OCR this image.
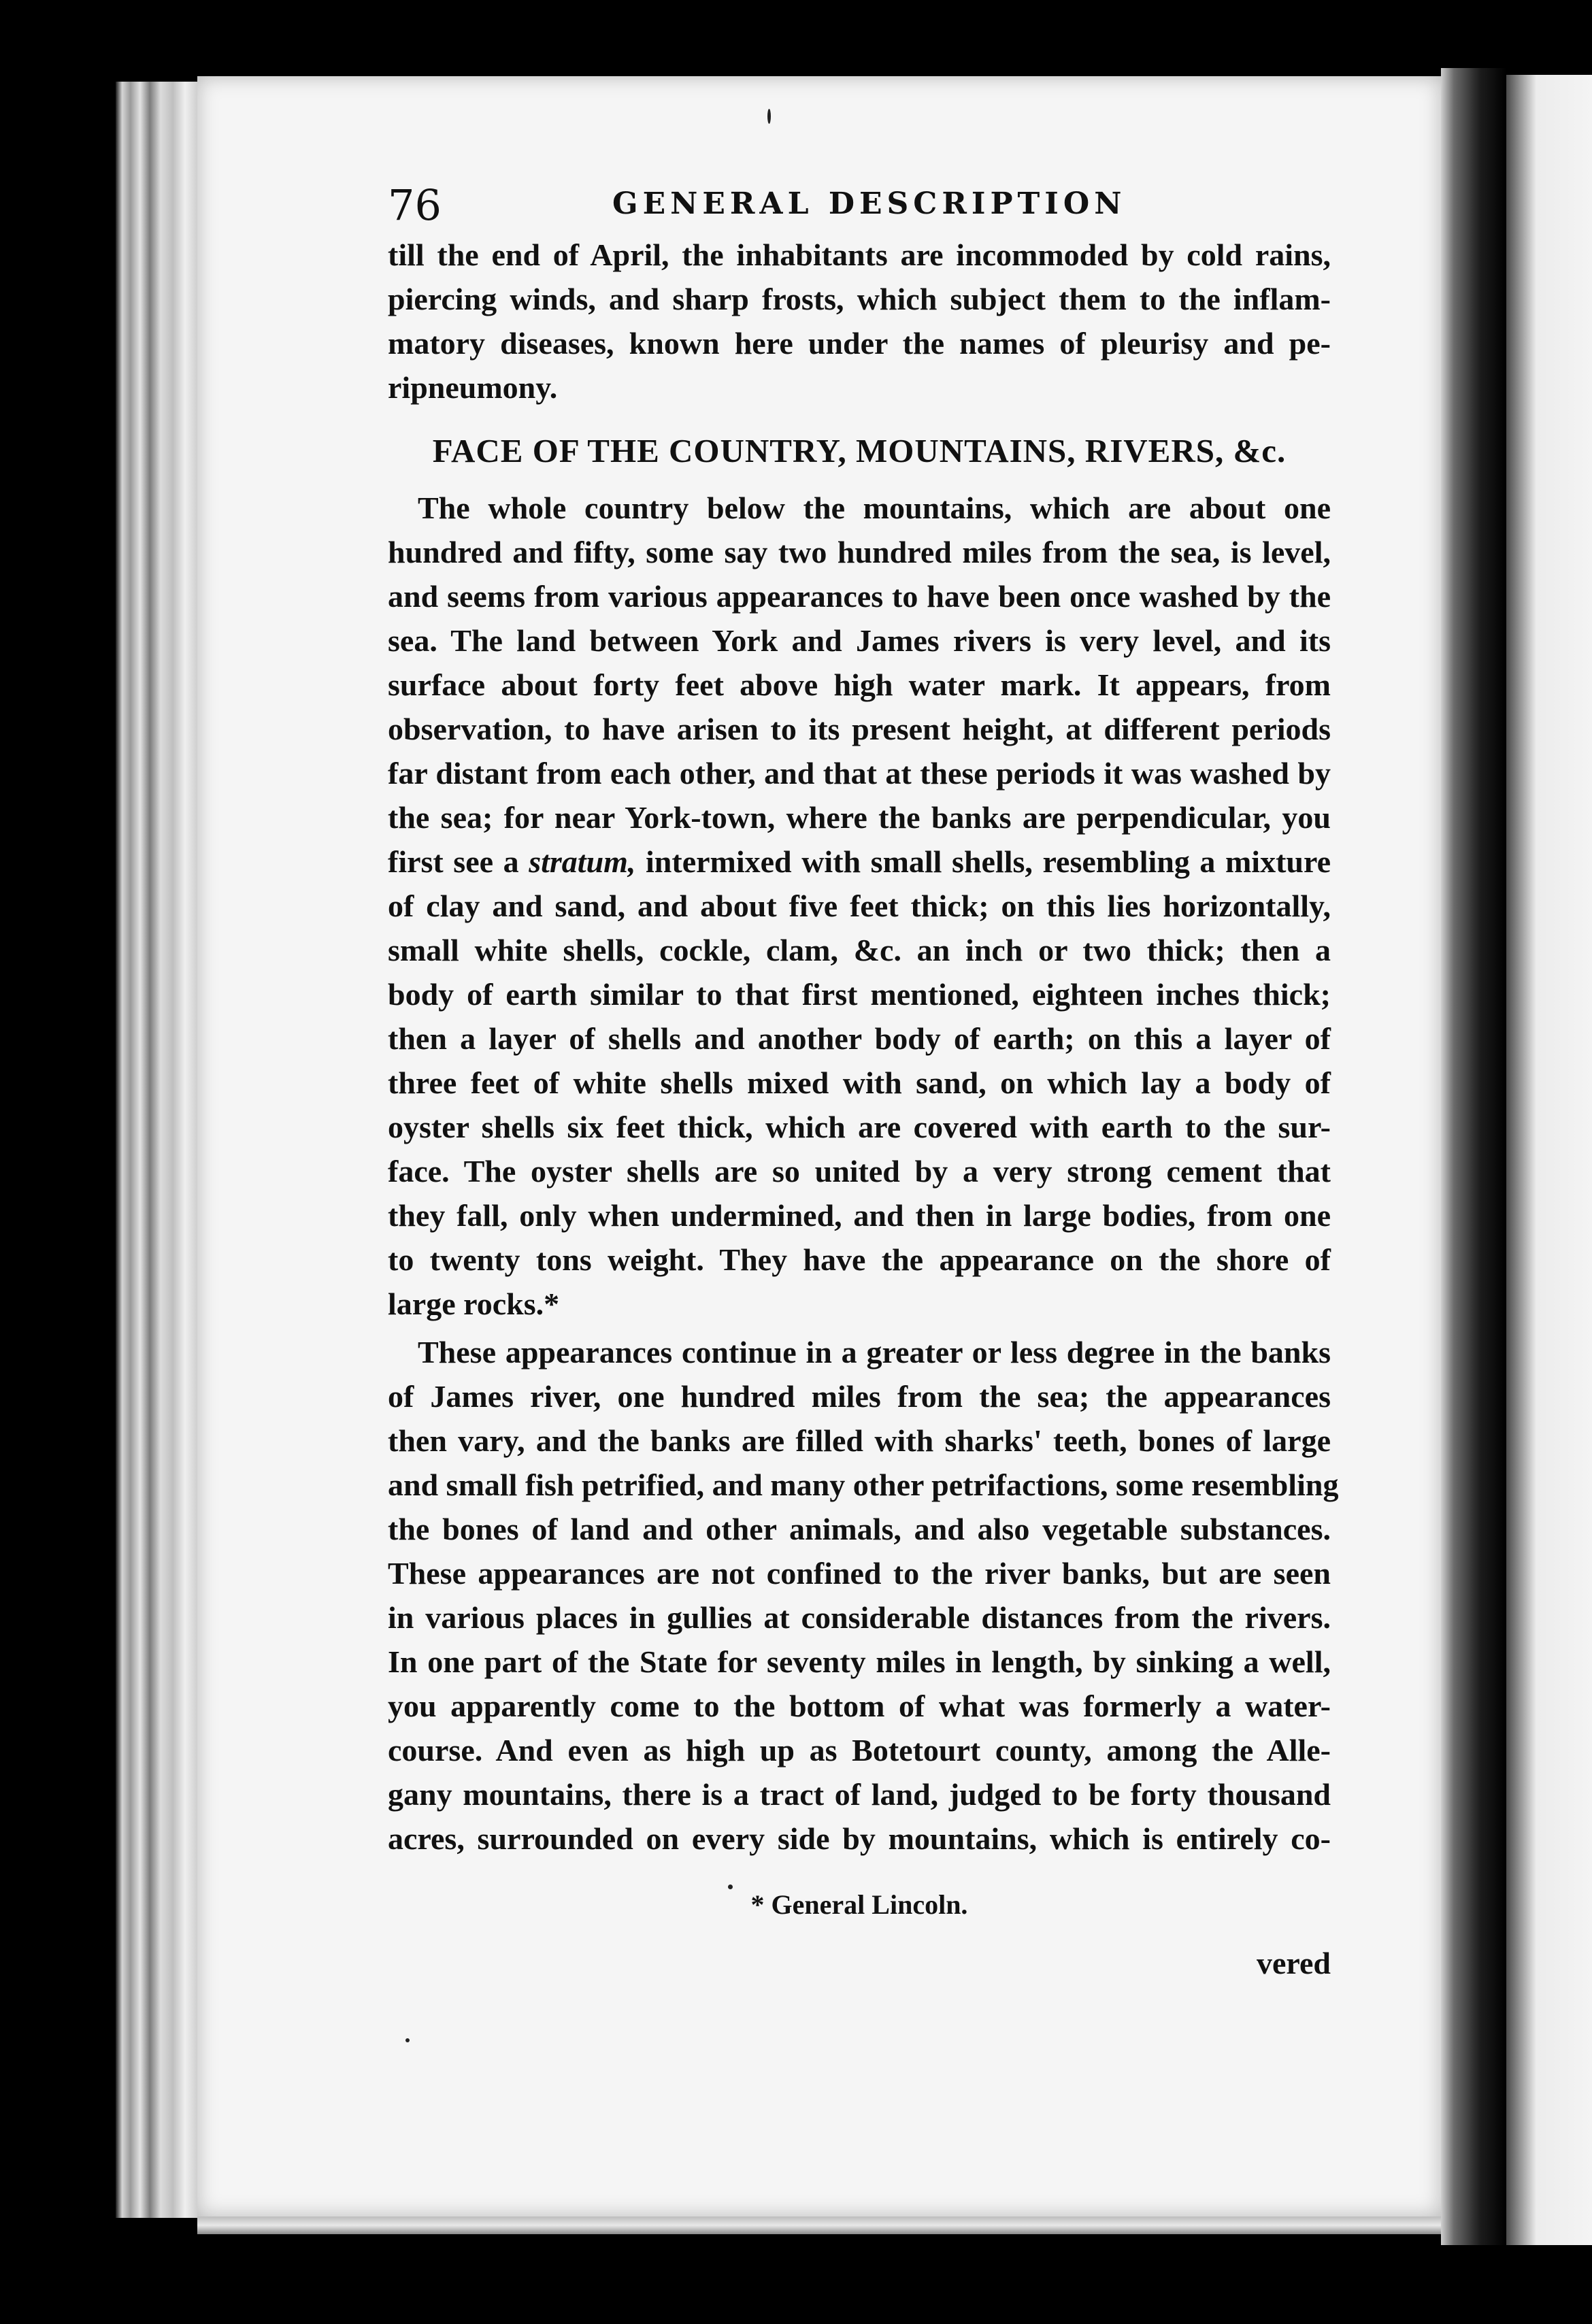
76	GENERAL DESCRIPTION
till the end of April, the inhabitants are incommoded by cold rains,
piercing winds, and sharp frosts, which subject them to the inflam-
matory diseases, known here under the names of pleurisy and pe-
ripneumony.
FACE OF THE COUNTRY, MOUNTAINS, RIVERS, &c.
The whole country below the mountains, which are about one
hundred and fifty, some say two hundred miles from the sea, is level,
and seems from various appearances to have been once washed by the
sea. The land between York and James rivers is very level, and its
surface about forty feet above high water mark. It appears, from
observation, to have arisen to its present height, at different periods
far distant from each other, and that at these periods it was washed by
the sea; for near York-town, where the banks are perpendicular, you
first see a stratum, intermixed with small shells, resembling a mixture
of clay and sand, and about five feet thick; on this lies horizontally,
small white shells, cockle, clam, &c. an inch or two thick; then a
body of earth similar to that first mentioned, eighteen inches thick;
then a layer of shells and another body of earth; on this a layer of
three feet of white shells mixed with sand, on which lay a body of
oyster shells six feet thick, which are covered with earth to the sur-
face. The oyster shells are so united by a very strong cement that
they fall, only when undermined, and then in large bodies, from one
to twenty tons weight. They have the appearance on the shore of
large rocks.*
These appearances continue in a greater or less degree in the banks
of James river, one hundred miles from the sea; the appearances
then vary, and the banks are filled with sharks' teeth, bones of large
and small fish petrified, and many other petrifactions, some resembling
the bones of land and other animals, and also vegetable substances.
These appearances are not confined to the river banks, but are seen
in various places in gullies at considerable distances from the rivers.
In one part of the State for seventy miles in length, by sinking a well,
you apparently come to the bottom of what was formerly a water-
course. And even as high up as Botetourt county, among the Alle-
gany mountains, there is a tract of land, judged to be forty thousand
acres, surrounded on every side by mountains, which is entirely co-
* General Lincoln.
vered
